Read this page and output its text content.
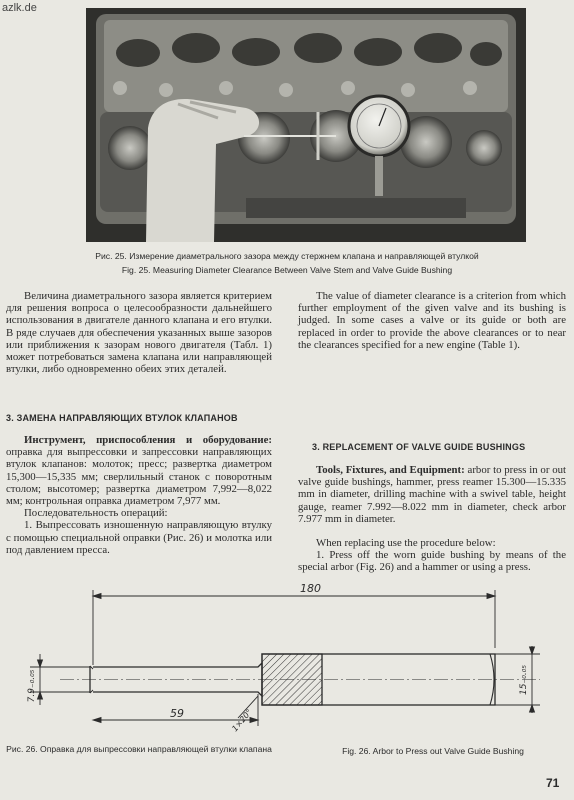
azlk.de
Рис. 25. Измерение диаметрального зазора между стержнем клапана и направляющей втулкой
Fig. 25. Measuring Diameter Clearance Between Valve Stem and Valve Guide Bushing

Величина диаметрального зазора является критерием для решения вопроса о целесообразности дальнейшего использования в двигателе данного клапана и его втулки. В ряде случаев для обеспечения указанных выше зазоров или приближения к зазорам нового двигателя (Табл. 1) может потребоваться замена клапана или направляющей втулки, либо одновременно обеих этих деталей.

3. ЗАМЕНА НАПРАВЛЯЮЩИХ ВТУЛОК КЛАПАНОВ

Инструмент, приспособления и оборудование: оправка для выпрессовки и запрессовки направляющих втулок клапанов: молоток; пресс; развертка диаметром 15,300—15,335 мм; сверлильный станок с поворотным столом; высотомер; развертка диаметром 7,992—8,022 мм; контрольная оправка диаметром 7,977 мм.

Последовательность операций:

1. Выпрессовать изношенную направляющую втулку с помощью специальной оправки (Рис. 26) и молотка или под давлением пресса.

The value of diameter clearance is a criterion from which further employment of the given valve and its bushing is judged. In some cases a valve or its guide or both are replaced in order to provide the above clearances or to near the clearances specified for a new engine (Table 1).

3. REPLACEMENT OF VALVE GUIDE BUSHINGS

Tools, Fixtures, and Equipment: arbor to press in or out valve guide bushings, hammer, press reamer 15.300—15.335 mm in diameter, drilling machine with a swivel table, height gauge, reamer 7.992—8.022 mm in diameter, check arbor 7.977 mm in diameter.

When replacing use the procedure below:

1. Press off the worn guide bushing by means of the special arbor (Fig. 26) and a hammer or using a press.

180
7.9₋₀.₀₅	15₋₀.₀₅
59	1×20°
Рис. 26. Оправка для выпрессовки направляющей втулки клапана	Fig. 26. Arbor to Press out Valve Guide Bushing
71
